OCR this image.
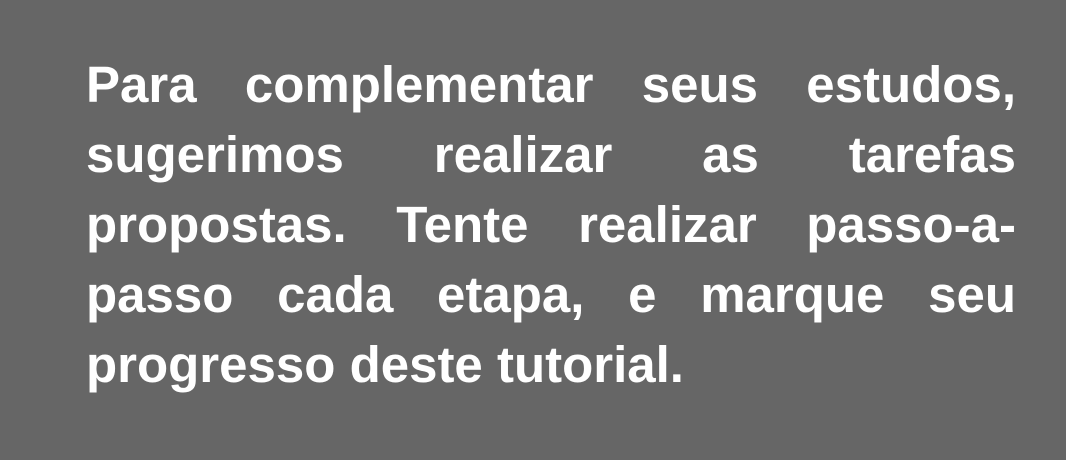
Para complementar seus estudos,
sugerimos realizar as tarefas
propostas. Tente realizar passo-a-
passo cada etapa, e marque seu
progresso deste tutorial.
